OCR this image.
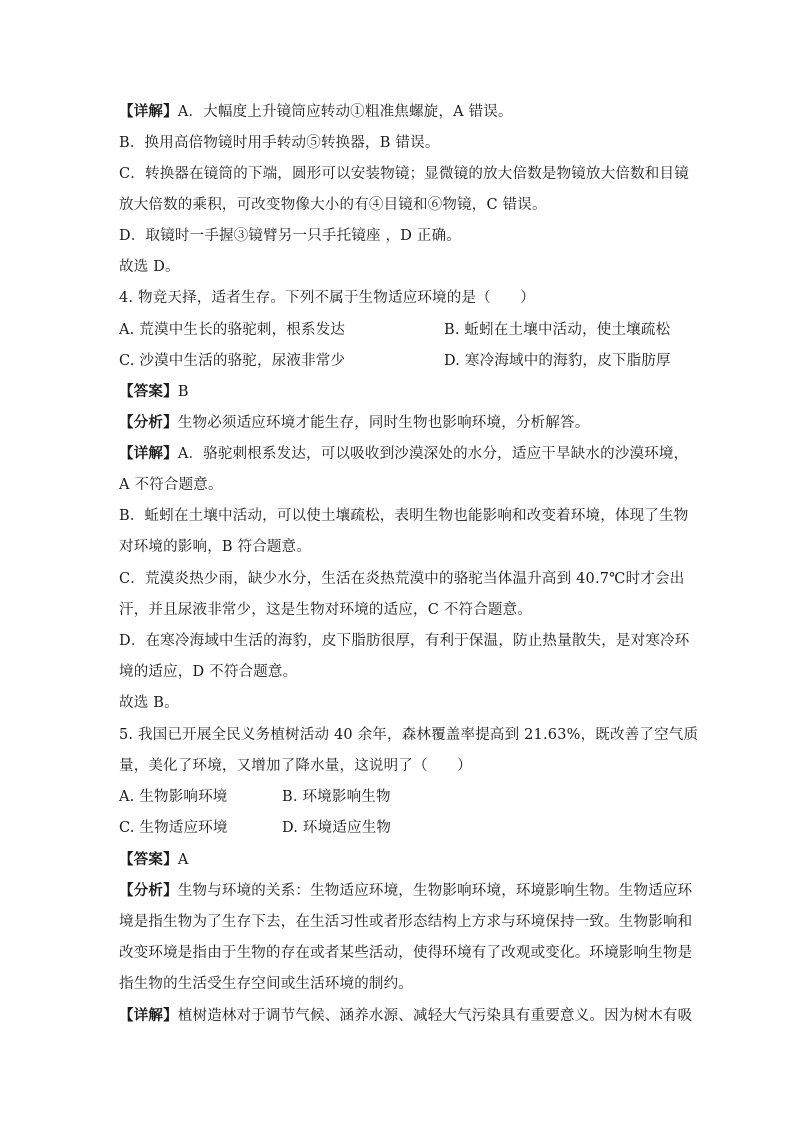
【详解】A．大幅度上升镜筒应转动①粗准焦螺旋，A 错误。
B．换用高倍物镜时用手转动⑤转换器，B 错误。
C．转换器在镜筒的下端，圆形可以安装物镜；显微镜的放大倍数是物镜放大倍数和目镜
放大倍数的乘积，可改变物像大小的有④目镜和⑥物镜，C 错误。
D．取镜时一手握③镜臂另一只手托镜座 ，D 正确。
故选 D。
4. 物竞天择，适者生存。下列不属于生物适应环境的是（　　）
A. 荒漠中生长的骆驼刺，根系发达	B. 蚯蚓在土壤中活动，使土壤疏松
C. 沙漠中生活的骆驼，尿液非常少	D. 寒冷海域中的海豹，皮下脂肪厚
【答案】B
【分析】生物必须适应环境才能生存，同时生物也影响环境，分析解答。
【详解】A．骆驼刺根系发达，可以吸收到沙漠深处的水分，适应干旱缺水的沙漠环境，
A 不符合题意。
B．蚯蚓在土壤中活动，可以使土壤疏松，表明生物也能影响和改变着环境，体现了生物
对环境的影响，B 符合题意。
C．荒漠炎热少雨，缺少水分，生活在炎热荒漠中的骆驼当体温升高到 40.7℃时才会出
汗，并且尿液非常少，这是生物对环境的适应，C 不符合题意。
D．在寒冷海域中生活的海豹，皮下脂肪很厚，有利于保温，防止热量散失，是对寒冷环
境的适应，D 不符合题意。
故选 B。
5. 我国已开展全民义务植树活动 40 余年，森林覆盖率提高到 21.63%，既改善了空气质
量，美化了环境，又增加了降水量，这说明了（　　）
A. 生物影响环境	B. 环境影响生物
C. 生物适应环境	D. 环境适应生物
【答案】A
【分析】生物与环境的关系：生物适应环境，生物影响环境，环境影响生物。生物适应环
境是指生物为了生存下去，在生活习性或者形态结构上方求与环境保持一致。生物影响和
改变环境是指由于生物的存在或者某些活动，使得环境有了改观或变化。环境影响生物是
指生物的生活受生存空间或生活环境的制约。
【详解】植树造林对于调节气候、涵养水源、减轻大气污染具有重要意义。因为树木有吸
